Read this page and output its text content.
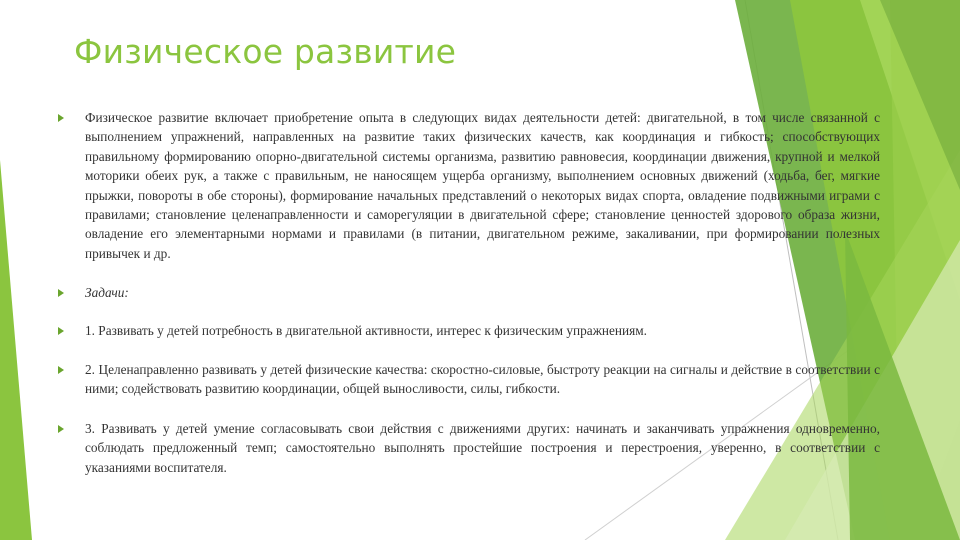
Физическое развитие
Физическое развитие включает приобретение опыта в следующих видах деятельности детей: двигательной, в том числе связанной с выполнением упражнений, направленных на развитие таких физических качеств, как координация и гибкость; способствующих правильному формированию опорно-двигательной системы организма, развитию равновесия, координации движения, крупной и мелкой моторики обеих рук, а также с правильным, не наносящем ущерба организму, выполнением основных движений (ходьба, бег, мягкие прыжки, повороты в обе стороны), формирование начальных представлений о некоторых видах спорта, овладение подвижными играми с правилами; становление целенаправленности и саморегуляции в двигательной сфере; становление ценностей здорового образа жизни, овладение его элементарными нормами и правилами (в питании, двигательном режиме, закаливании, при формировании полезных привычек и др.
Задачи:
1. Развивать у детей потребность в двигательной активности, интерес к физическим упражнениям.
2. Целенаправленно развивать у детей физические качества: скоростно-силовые, быстроту реакции на сигналы и действие в соответствии с ними; содействовать развитию координации, общей выносливости, силы, гибкости.
3. Развивать у детей умение согласовывать свои действия с движениями других: начинать и заканчивать упражнения одновременно, соблюдать предложенный темп; самостоятельно выполнять простейшие построения и перестроения, уверенно, в соответствии с указаниями воспитателя.
